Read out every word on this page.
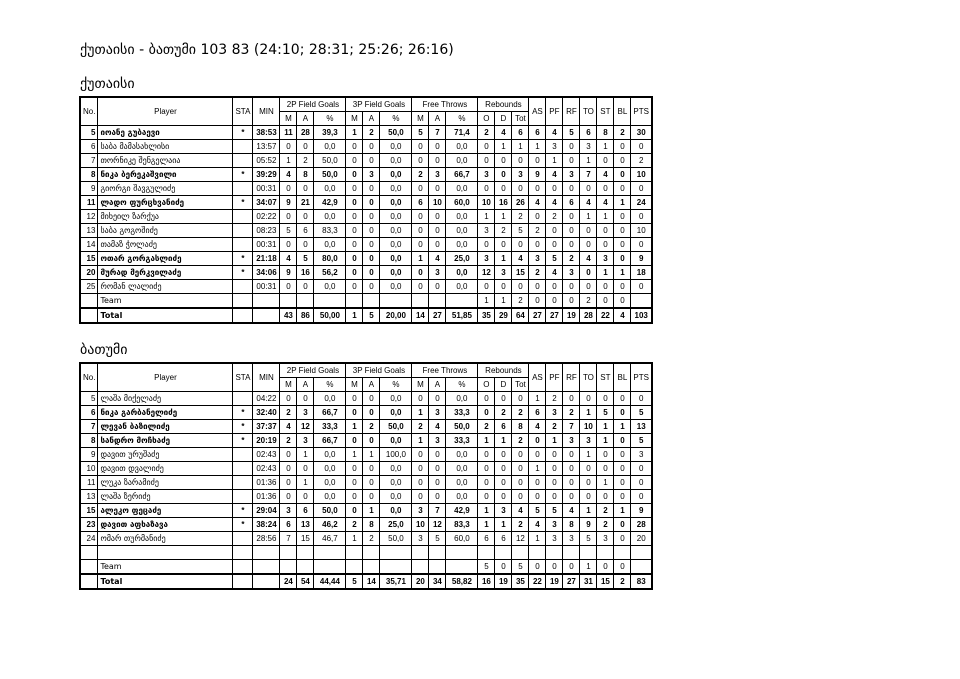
ქუთაისი - ბათუმი 103 83 (24:10; 28:31; 25:26; 26:16)
ქუთაისი
No.	Player	STA	MIN	2P Field Goals			3P Field Goals			Free Throws			Rebounds			AS	PF	RF	TO	ST	BL	PTS
				M	A	%	M	A	%	M	A	%	O	D	Tot							
5	იოანე გუბაევი	*	38:53	11	28	39,3	1	2	50,0	5	7	71,4	2	4	6	6	4	5	6	8	2	30
6	საბა მამასახლისი		13:57	0	0	0,0	0	0	0,0	0	0	0,0	0	1	1	1	3	0	3	1	0	0
7	თორნიკე შენგელაია		05:52	1	2	50,0	0	0	0,0	0	0	0,0	0	0	0	0	1	0	1	0	0	2
8	ნიკა ბერეკაშვილი	*	39:29	4	8	50,0	0	3	0,0	2	3	66,7	3	0	3	9	4	3	7	4	0	10
9	გიორგი შავგულიძე		00:31	0	0	0,0	0	0	0,0	0	0	0,0	0	0	0	0	0	0	0	0	0	0
11	ლადო ფურცხვანიძე	*	34:07	9	21	42,9	0	0	0,0	6	10	60,0	10	16	26	4	4	6	4	4	1	24
12	მიხეილ ზარქუა		02:22	0	0	0,0	0	0	0,0	0	0	0,0	1	1	2	0	2	0	1	1	0	0
13	საბა გოგოშიძე		08:23	5	6	83,3	0	0	0,0	0	0	0,0	3	2	5	2	0	0	0	0	0	10
14	თამაზ ჭოლაძე		00:31	0	0	0,0	0	0	0,0	0	0	0,0	0	0	0	0	0	0	0	0	0	0
15	ოთარ გორგასლიძე	*	21:18	4	5	80,0	0	0	0,0	1	4	25,0	3	1	4	3	5	2	4	3	0	9
20	მურად მერკვილაძე	*	34:06	9	16	56,2	0	0	0,0	0	3	0,0	12	3	15	2	4	3	0	1	1	18
25	რომან ლალიძე		00:31	0	0	0,0	0	0	0,0	0	0	0,0	0	0	0	0	0	0	0	0	0	0
	Team												1	1	2	0	0	0	2	0	0	
	Total			43	86	50,00	1	5	20,00	14	27	51,85	35	29	64	27	27	19	28	22	4	103
ბათუმი
No.	Player	STA	MIN	2P Field Goals			3P Field Goals			Free Throws			Rebounds			AS	PF	RF	TO	ST	BL	PTS
				M	A	%	M	A	%	M	A	%	O	D	Tot							
5	ლაშა მიქელაძე		04:22	0	0	0,0	0	0	0,0	0	0	0,0	0	0	0	1	2	0	0	0	0	0
6	ნიკა გარბანელიძე	*	32:40	2	3	66,7	0	0	0,0	1	3	33,3	0	2	2	6	3	2	1	5	0	5
7	ლევან ბაზილიძე	*	37:37	4	12	33,3	1	2	50,0	2	4	50,0	2	6	8	4	2	7	10	1	1	13
8	სანდრო მოჩხაძე	*	20:19	2	3	66,7	0	0	0,0	1	3	33,3	1	1	2	0	1	3	3	1	0	5
9	დავით ურუშაძე		02:43	0	1	0,0	1	1	100,0	0	0	0,0	0	0	0	0	0	0	1	0	0	3
10	დავით დვალიძე		02:43	0	0	0,0	0	0	0,0	0	0	0,0	0	0	0	1	0	0	0	0	0	0
11	ლუკა ზარამიძე		01:36	0	1	0,0	0	0	0,0	0	0	0,0	0	0	0	0	0	0	0	1	0	0
13	ლაშა ზერიძე		01:36	0	0	0,0	0	0	0,0	0	0	0,0	0	0	0	0	0	0	0	0	0	0
15	ალეკო ფეცაძე	*	29:04	3	6	50,0	0	1	0,0	3	7	42,9	1	3	4	5	5	4	1	2	1	9
23	დავით აფხაზავა	*	38:24	6	13	46,2	2	8	25,0	10	12	83,3	1	1	2	4	3	8	9	2	0	28
24	ომარ თურმანიძე		28:56	7	15	46,7	1	2	50,0	3	5	60,0	6	6	12	1	3	3	5	3	0	20

	Team												5	0	5	0	0	0	1	0	0	
	Total			24	54	44,44	5	14	35,71	20	34	58,82	16	19	35	22	19	27	31	15	2	83
